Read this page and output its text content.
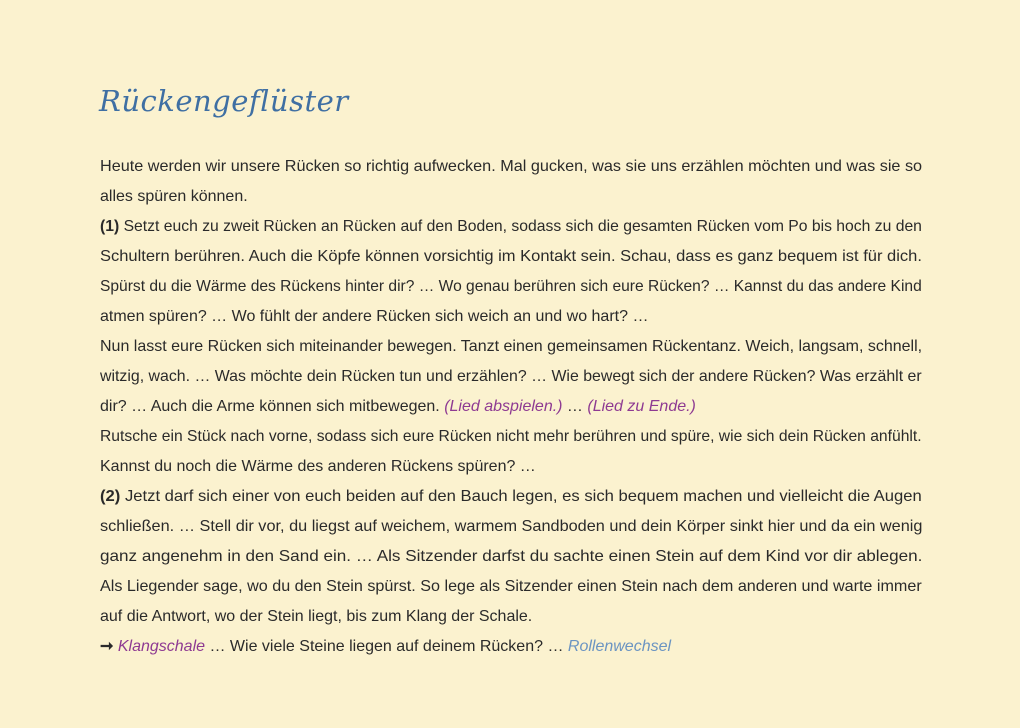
Rückengeflüster
Heute werden wir unsere Rücken so richtig aufwecken. Mal gucken, was sie uns erzählen möchten und was sie so
alles spüren können.
(1) Setzt euch zu zweit Rücken an Rücken auf den Boden, sodass sich die gesamten Rücken vom Po bis hoch zu den
Schultern berühren. Auch die Köpfe können vorsichtig im Kontakt sein. Schau, dass es ganz bequem ist für dich.
Spürst du die Wärme des Rückens hinter dir? … Wo genau berühren sich eure Rücken? … Kannst du das andere Kind
atmen spüren? … Wo fühlt der andere Rücken sich weich an und wo hart? …
Nun lasst eure Rücken sich miteinander bewegen. Tanzt einen gemeinsamen Rückentanz. Weich, langsam, schnell,
witzig, wach. … Was möchte dein Rücken tun und erzählen? … Wie bewegt sich der andere Rücken? Was erzählt er
dir? … Auch die Arme können sich mitbewegen. (Lied abspielen.) … (Lied zu Ende.)
Rutsche ein Stück nach vorne, sodass sich eure Rücken nicht mehr berühren und spüre, wie sich dein Rücken anfühlt.
Kannst du noch die Wärme des anderen Rückens spüren? …
(2) Jetzt darf sich einer von euch beiden auf den Bauch legen, es sich bequem machen und vielleicht die Augen
schließen. … Stell dir vor, du liegst auf weichem, warmem Sandboden und dein Körper sinkt hier und da ein wenig
ganz angenehm in den Sand ein. … Als Sitzender darfst du sachte einen Stein auf dem Kind vor dir ablegen.
Als Liegender sage, wo du den Stein spürst. So lege als Sitzender einen Stein nach dem anderen und warte immer
auf die Antwort, wo der Stein liegt, bis zum Klang der Schale.
➞ Klangschale … Wie viele Steine liegen auf deinem Rücken? … Rollenwechsel
